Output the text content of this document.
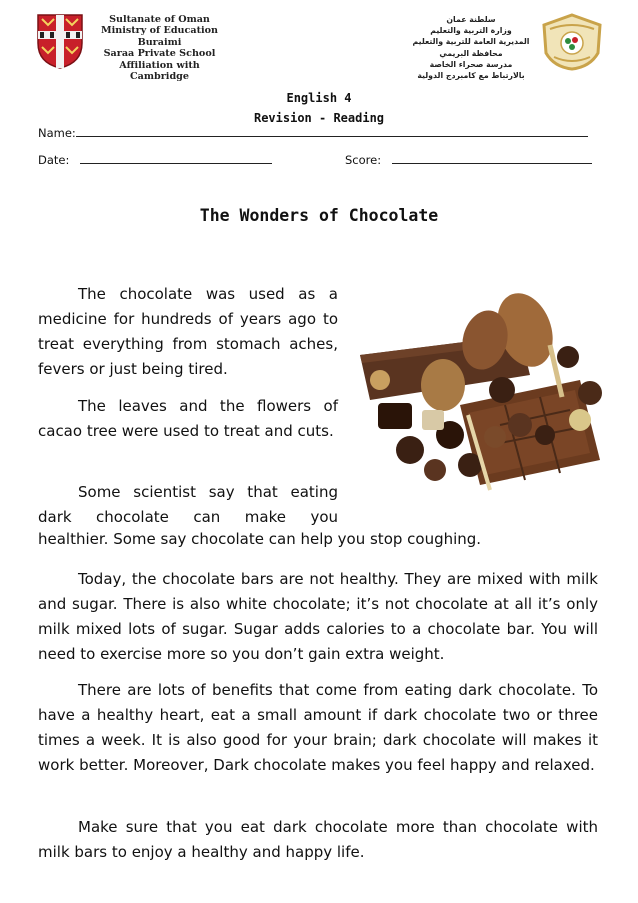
Sultanate of Oman
Ministry of Education
Buraimi
Saraa Private School
Affiliation with Cambridge
سلطنة عمان
وزارة التربية والتعليم
المديرية العامة للتربية والتعليم
محافظة البريمي
مدرسة صحراء الخاصة
بالارتباط مع كامبردج الدولية
English 4
Revision - Reading
Name:
Date:	Score:
The Wonders of Chocolate
The chocolate was used as a medicine for hundreds of years ago to treat everything from stomach aches, fevers or just being tired.
The leaves and the flowers of cacao tree were used to treat and cuts.
Some scientist say that eating dark chocolate can make you
healthier. Some say chocolate can help you stop coughing.
Today, the chocolate bars are not healthy. They are mixed with milk and sugar. There is also white chocolate; it’s not chocolate at all it’s only milk mixed lots of sugar. Sugar adds calories to a chocolate bar. You will need to exercise more so you don’t gain extra weight.
There are lots of benefits that come from eating dark chocolate. To have a healthy heart, eat a small amount if dark chocolate two or three times a week. It is also good for your brain; dark chocolate will makes it work better. Moreover, Dark chocolate makes you feel happy and relaxed.
Make sure that you eat dark chocolate more than chocolate with milk bars to enjoy a healthy and happy life.
